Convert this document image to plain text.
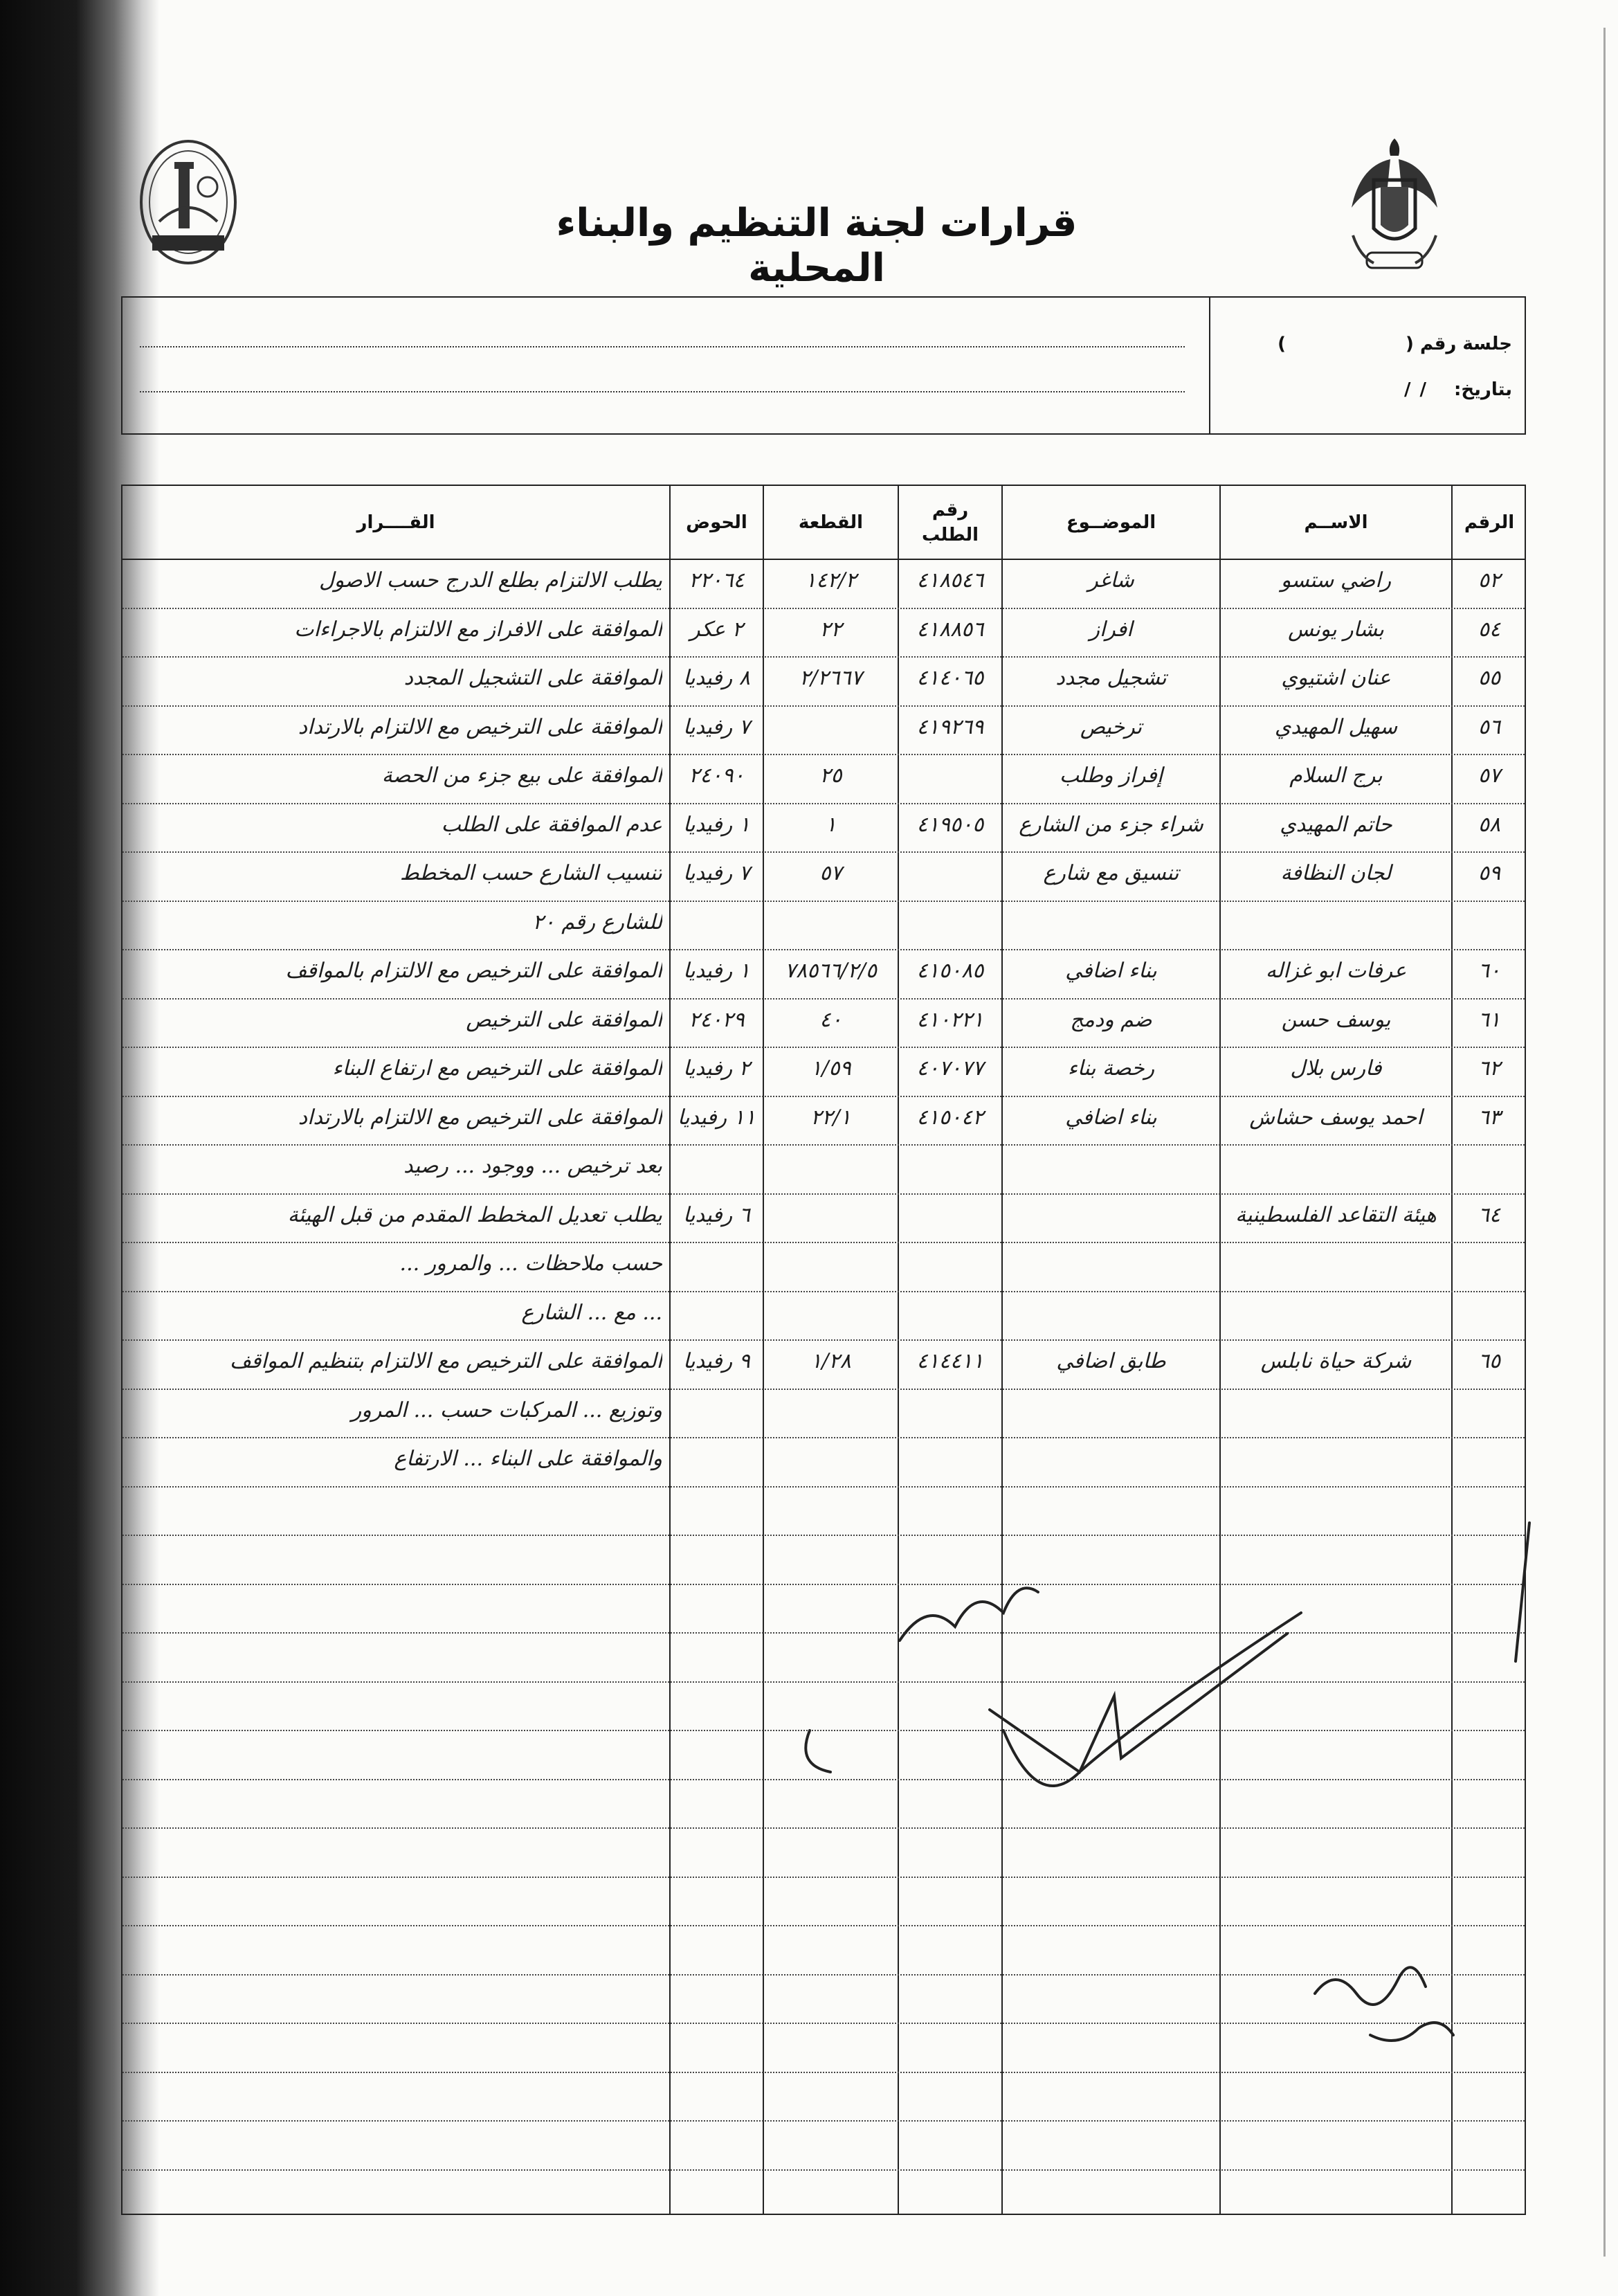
قرارات لجنة التنظيم والبناء المحلية
جلسة رقم (
)
بتاريخ:
/ /
الرقم
الاســم
الموضــوع
رقم
الطلب
القطعة
الحوض
القــــرار
٥٢
راضي ستسو
شاغر
٤١٨٥٤٦
١٤٢/٢
٢٢٠٦٤
يطلب الالتزام بطلع الدرج حسب الاصول
٥٤
بشار يونس
افراز
٤١٨٨٥٦
٢٢
٢ عكر
الموافقة على الافراز مع الالتزام بالاجراءات
٥٥
عنان اشتيوي
تشجيل مجدد
٤١٤٠٦٥
٢/٢٦٦٧
٨ رفيديا
الموافقة على التشجيل المجدد
٥٦
سهيل المهيدي
ترخيص
٤١٩٢٦٩
٧ رفيديا
الموافقة على الترخيص مع الالتزام بالارتداد
٥٧
برج السلام
إفراز وطلب
٢٥
٢٤٠٩٠
الموافقة على بيع جزء من الحصة
٥٨
حاتم المهيدي
شراء جزء من الشارع
٤١٩٥٠٥
١
١ رفيديا
عدم الموافقة على الطلب
٥٩
لجان النظافة
تنسيق مع شارع
٥٧
٧ رفيديا
تنسيب الشارع حسب المخطط
للشارع رقم ٢٠
٦٠
عرفات ابو غزاله
بناء اضافي
٤١٥٠٨٥
٧٨٥٦٦/٢/٥
١ رفيديا
الموافقة على الترخيص مع الالتزام بالمواقف
٦١
يوسف حسن
ضم ودمج
٤١٠٢٢١
٤٠
٢٤٠٢٩
الموافقة على الترخيص
٦٢
فارس بلال
رخصة بناء
٤٠٧٠٧٧
١/٥٩
٢ رفيديا
الموافقة على الترخيص مع ارتفاع البناء
٦٣
احمد يوسف حشاش
بناء اضافي
٤١٥٠٤٢
٢٢/١
١١ رفيديا
الموافقة على الترخيص مع الالتزام بالارتداد
بعد ترخيص ... ووجود ... رصيد
٦٤
هيئة التقاعد الفلسطينية
٦ رفيديا
يطلب تعديل المخطط المقدم من قبل الهيئة
حسب ملاحظات ... والمرور ...
... مع ... الشارع
٦٥
شركة حياة نابلس
طابق اضافي
٤١٤٤١١
١/٢٨
٩ رفيديا
الموافقة على الترخيص مع الالتزام بتنظيم المواقف
وتوزيع ... المركبات حسب ... المرور
والموافقة على البناء ... الارتفاع
